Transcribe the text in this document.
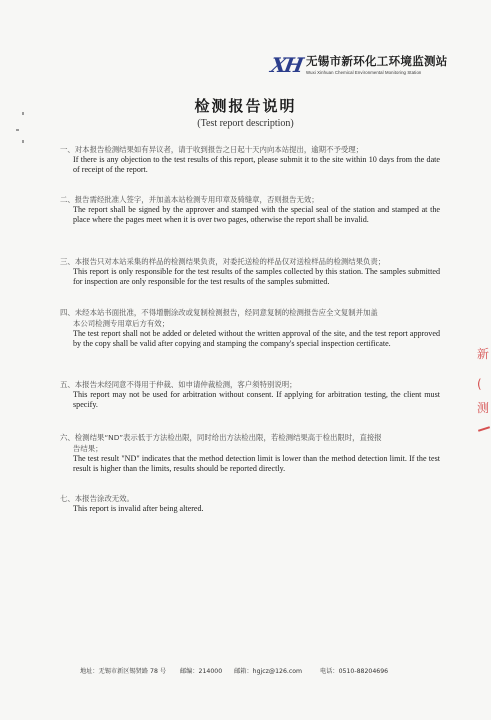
XH 无锡市新环化工环境监测站
Wuxi Xinhuan Chemical Environmental Monitoring Station
检测报告说明
(Test report description)
一、对本报告检测结果如有异议者，请于收到报告之日起十天内向本站提出，逾期不予受理；
If there is any objection to the test results of this report, please submit it to the site within 10 days from the date of receipt of the report.
二、报告需经批准人签字，并加盖本站检测专用印章及骑缝章，否则报告无效；
The report shall be signed by the approver and stamped with the special seal of the station and stamped at the place where the pages meet when it is over two pages, otherwise the report shall be invalid.
三、本报告只对本站采集的样品的检测结果负责，对委托送检的样品仅对送检样品的检测结果负责；
This report is only responsible for the test results of the samples collected by this station. The samples submitted for inspection are only responsible for the test results of the samples submitted.
四、未经本站书面批准，不得增删涂改或复制检测报告，经同意复制的检测报告应全文复制并加盖
本公司检测专用章后方有效；
The test report shall not be added or deleted without the written approval of the site, and the test report approved by the copy shall be valid after copying and stamping the company's special inspection certificate.
五、本报告未经同意不得用于仲裁、如申请仲裁检测，客户须特别说明；
This report may not be used for arbitration without consent. If applying for arbitration testing, the client must specify.
六、检测结果“ND”表示低于方法检出限，同时给出方法检出限，若检测结果高于检出限时，直接报
告结果；
The test result "ND" indicates that the method detection limit is lower than the method detection limit. If the test result is higher than the limits, results should be reported directly.
七、本报告涂改无效。
This report is invalid after being altered.
地址：无锡市新区锡贤路 78 号 邮编：214000 邮箱：hgjcz@126.com	电话：0510-88204696
新
(
测
